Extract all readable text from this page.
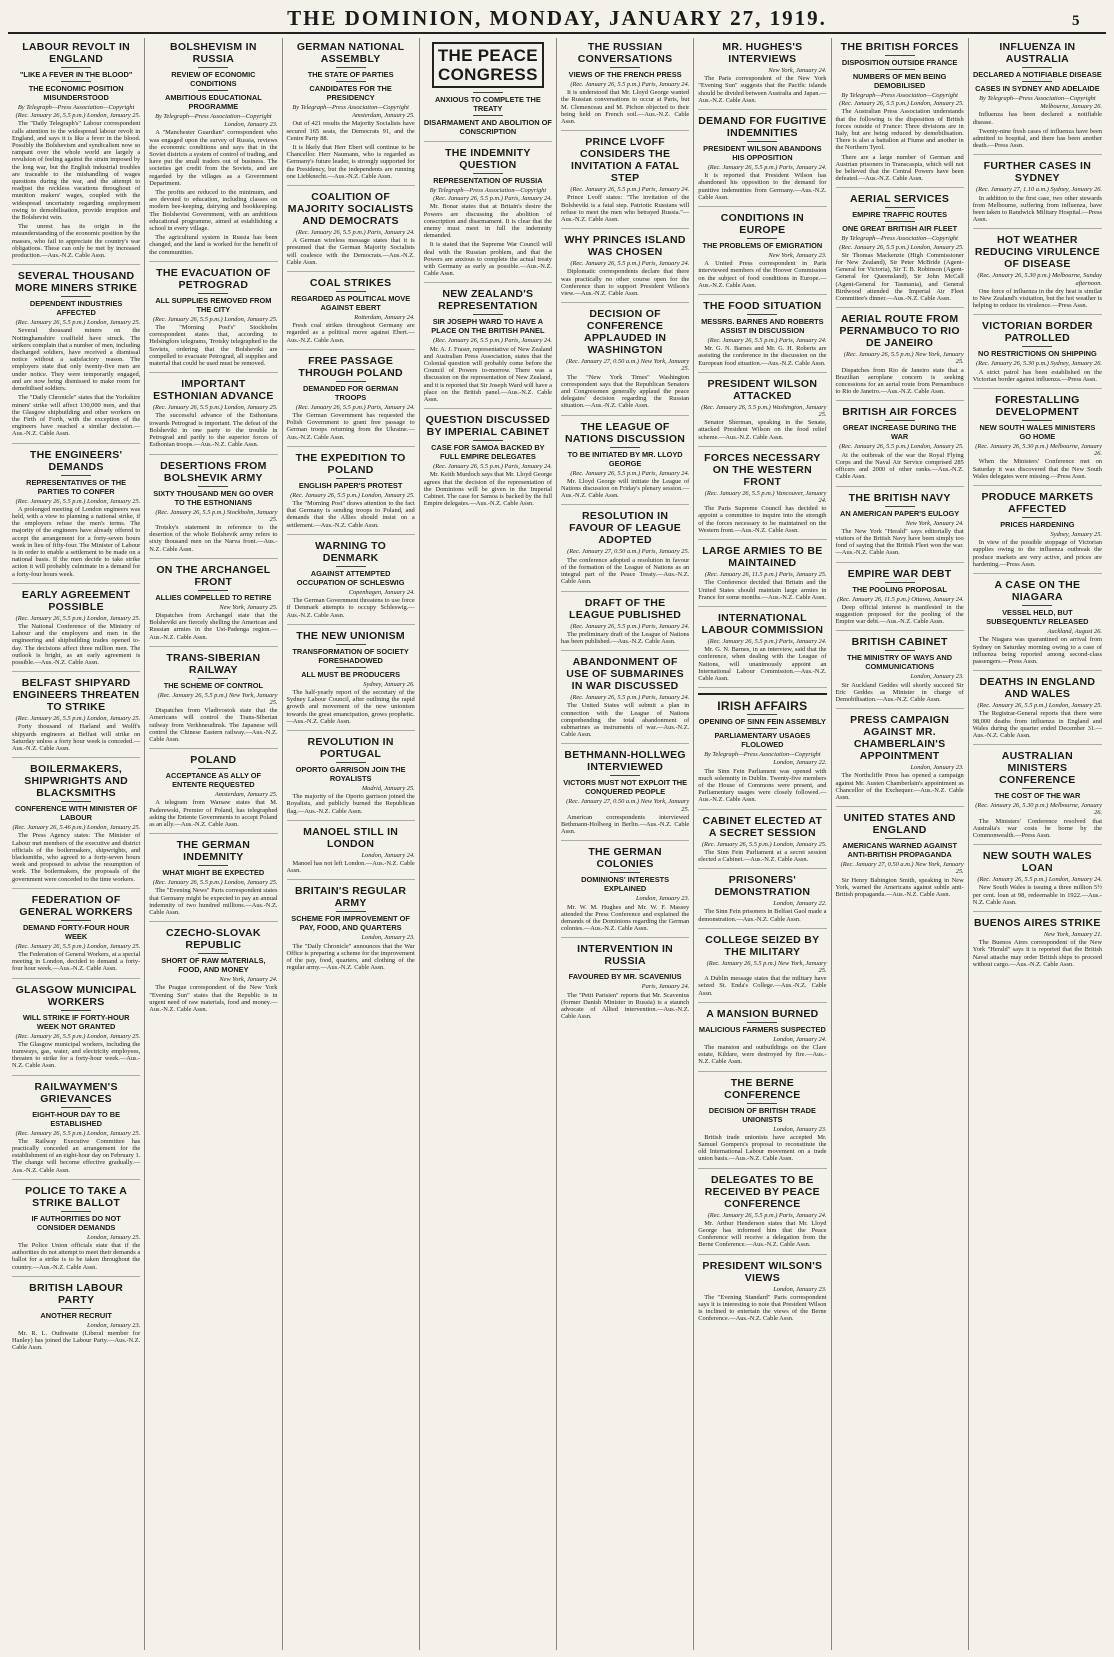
THE DOMINION, MONDAY, JANUARY 27, 1919.	5
LABOUR REVOLT IN ENGLAND
"LIKE A FEVER IN THE BLOOD"
THE ECONOMIC POSITION MISUNDERSTOOD
By Telegraph—Press Association—Copyright
(Rec. January 26, 5.5 p.m.) London, January 25.

The "Daily Telegraph's" Labour correspondent calls attention to the widespread labour revolt in England, and says it is like a fever in the blood. Possibly the Bolshevism and syndicalism now so rampant over the whole world are largely a revulsion of feeling against the strain imposed by the long war, but the English industrial troubles are traceable to the mishandling of wages questions during the war, and the attempt to readjust the reckless vacations throughout of munition makers' wages, coupled with the widespread uncertainty regarding employment owing to demobilisation, provide irruption and the Bolshevist vein.

The unrest has its origin in the misunderstanding of the economic position by the masses, who fail to appreciate the country's war obligations. These can only be met by increased production.—Aus.-N.Z. Cable Assn.

SEVERAL THOUSAND MORE MINERS STRIKE
DEPENDENT INDUSTRIES AFFECTED
(Rec. January 26, 5.5 p.m.) London, January 25.

Several thousand miners on the Nottinghamshire coalfield have struck. The strikers complain that a number of men, including discharged soldiers, have received a dismissal notice without a satisfactory reason. The employers state that only twenty-five men are under notice. They were temporarily engaged, and are now being dismissed to make room for demobilised soldiers.

The "Daily Chronicle" states that the Yorkshire miners' strike will affect 130,000 men, and that the Glasgow shipbuilding and other workers on the Firth of Forth, with the exception of the engineers have reached a similar decision.—Aus.-N.Z. Cable Assn.

THE ENGINEERS' DEMANDS
REPRESENTATIVES OF THE PARTIES TO CONFER
(Rec. January 26, 5.5 p.m.) London, January 25.

A prolonged meeting of London engineers was held, with a view to planning a national strike, if the employers refuse the men's terms. The majority of the engineers have already offered to accept the arrangement for a forty-seven hours week in lieu of fifty-four. The Minister of Labour is in order to enable a settlement to be made on a national basis. If the men decide to take strike action it will probably culminate in a demand for a forty-four hours week.

EARLY AGREEMENT POSSIBLE
(Rec. January 26, 5.5 p.m.) London, January 25.

The National Conference of the Ministry of Labour and the employers and men in the engineering and shipbuilding trades opened to-day. The decisions affect three million men. The outlook is bright, as an early agreement is possible.—Aus.-N.Z. Cable Assn.

BELFAST SHIPYARD ENGINEERS THREATEN TO STRIKE
(Rec. January 26, 5.5 p.m.) London, January 25.

Forty thousand of Harland and Wolff's shipyards engineers at Belfast will strike on Saturday unless a forty hour week is conceded.—Aus.-N.Z. Cable Assn.

BOILERMAKERS, SHIPWRIGHTS AND BLACKSMITHS
CONFERENCE WITH MINISTER OF LABOUR
(Rec. January 26, 5.46 p.m.) London, January 25.

The Press Agency states: The Minister of Labour met members of the executive and district officials of the boilermakers, shipwrights, and blacksmiths, who agreed to a forty-seven hours week and proposed to advise the resumption of work. The boilermakers, the proposals of the government were conceded to the time workers.

FEDERATION OF GENERAL WORKERS
DEMAND FORTY-FOUR HOUR WEEK
(Rec. January 26, 5.5 p.m.) London, January 25.

The Federation of General Workers, at a special meeting in London, decided to demand a forty-four hour week.—Aus.-N.Z. Cable Assn.

GLASGOW MUNICIPAL WORKERS
WILL STRIKE IF FORTY-HOUR WEEK NOT GRANTED
(Rec. January 26, 5.5 p.m.) London, January 25.

The Glasgow municipal workers, including the tramways, gas, water, and electricity employees, threaten to strike for a forty-hour week.—Aus.-N.Z. Cable Assn.

RAILWAYMEN'S GRIEVANCES
EIGHT-HOUR DAY TO BE ESTABLISHED
(Rec. January 26, 5.5 p.m.) London, January 25.

The Railway Executive Committee has practically conceded an arrangement for the establishment of an eight-hour day on February 1. The change will become effective gradually.—Aus.-N.Z. Cable Assn.

POLICE TO TAKE A STRIKE BALLOT
IF AUTHORITIES DO NOT CONSIDER DEMANDS
London, January 25.

The Police Union officials state that if the authorities do not attempt to meet their demands a ballot for a strike is to be taken throughout the country.—Aus.-N.Z. Cable Assn.

BRITISH LABOUR PARTY
ANOTHER RECRUIT
London, January 23.

Mr. R. L. Outhwaite (Liberal member for Hanley) has joined the Labour Party.—Aus.-N.Z. Cable Assn.

BOLSHEVISM IN RUSSIA
REVIEW OF ECONOMIC CONDITIONS
AMBITIOUS EDUCATIONAL PROGRAMME
By Telegraph—Press Association—Copyright
London, January 23.

A "Manchester Guardian" correspondent who was engaged upon the survey of Russia, reviews the economic conditions and says that in the Soviet districts a system of control of trading, and have put the small traders out of business. The societies get credit from the Soviets, and are regarded by the villages as a Government Department.

The profits are reduced to the minimum, and are devoted to education, including classes on modern bee-keeping, dairying and bookkeeping. The Bolshevist Government, with an ambitious educational programme, aimed at establishing a school in every village.

The agricultural system in Russia has been changed, and the land is worked for the benefit of the communities.

THE EVACUATION OF PETROGRAD
ALL SUPPLIES REMOVED FROM THE CITY
(Rec. January 26, 5.5 p.m.) London, January 25.

The "Morning Post's" Stockholm correspondent states that, according to Helsingfors telegrams, Trotsky telegraphed to the Soviets, ordering that the Bolsheviki are compelled to evacuate Petrograd, all supplies and material that could be used must be removed.

IMPORTANT ESTHONIAN ADVANCE
(Rec. January 26, 5.5 p.m.) London, January 25.

The successful advance of the Esthonians towards Petrograd is important. The defeat of the Bolsheviki in one party to the trouble in Petrograd and partly to the superior forces of Esthonian troops.—Aus.-N.Z. Cable Assn.

DESERTIONS FROM BOLSHEVIK ARMY
SIXTY THOUSAND MEN GO OVER TO THE ESTHONIANS
(Rec. January 26, 5.5 p.m.) Stockholm, January 25.

Trotsky's statement in reference to the desertion of the whole Bolshevik army refers to sixty thousand men on the Narva front.—Aus.-N.Z. Cable Assn.

ON THE ARCHANGEL FRONT
ALLIES COMPELLED TO RETIRE
New York, January 25.

Dispatches from Archangel state that the Bolsheviki are fiercely shelling the American and Russian armies in the Ust-Padenga region.—Aus.-N.Z. Cable Assn.

TRANS-SIBERIAN RAILWAY
THE SCHEME OF CONTROL
(Rec. January 26, 5.5 p.m.) New York, January 25.

Dispatches from Vladivostok state that the Americans will control the Trans-Siberian railway from Verkhneudinsk. The Japanese will control the Chinese Eastern railway.—Aus.-N.Z. Cable Assn.

POLAND
ACCEPTANCE AS ALLY OF ENTENTE REQUESTED
Amsterdam, January 25.

A telegram from Warsaw states that M. Paderewski, Premier of Poland, has telegraphed asking the Entente Governments to accept Poland as an ally.—Aus.-N.Z. Cable Assn.

THE GERMAN INDEMNITY
WHAT MIGHT BE EXPECTED
(Rec. January 26, 5.5 p.m.) London, January 25.

The "Evening News" Paris correspondent states that Germany might be expected to pay an annual indemnity of two hundred millions.—Aus.-N.Z. Cable Assn.

CZECHO-SLOVAK REPUBLIC
SHORT OF RAW MATERIALS, FOOD, AND MONEY
New York, January 24.

The Prague correspondent of the New York "Evening Sun" states that the Republic is in urgent need of raw materials, food and money.—Aus.-N.Z. Cable Assn.

GERMAN NATIONAL ASSEMBLY
THE STATE OF PARTIES
CANDIDATES FOR THE PRESIDENCY
By Telegraph—Press Association—Copyright
Amsterdam, January 25.

Out of 421 results the Majority Socialists have secured 165 seats, the Democrats 91, and the Centre Party 88.

It is likely that Herr Ebert will continue to be Chancellor. Herr Naumann, who is regarded as Germany's future leader, is strongly supported for the Presidency, but the independents are running one Liebknecht.—Aus.-N.Z. Cable Assn.

COALITION OF MAJORITY SOCIALISTS AND DEMOCRATS
(Rec. January 26, 5.5 p.m.) Paris, January 24.

A German wireless message states that it is presumed that the German Majority Socialists will coalesce with the Democrats.—Aus.-N.Z. Cable Assn.

COAL STRIKES
REGARDED AS POLITICAL MOVE AGAINST EBERT
Rotterdam, January 24.

Fresh coal strikes throughout Germany are regarded as a political move against Ebert.—Aus.-N.Z. Cable Assn.

FREE PASSAGE THROUGH POLAND
DEMANDED FOR GERMAN TROOPS
(Rec. January 26, 5.5 p.m.) Paris, January 24.

The German Government has requested the Polish Government to grant free passage to German troops returning from the Ukraine.—Aus.-N.Z. Cable Assn.

THE EXPEDITION TO POLAND
ENGLISH PAPER'S PROTEST
(Rec. January 26, 5.5 p.m.) London, January 25.

The "Morning Post" draws attention to the fact that Germany is sending troops to Poland, and demands that the Allies should insist on a settlement.—Aus.-N.Z. Cable Assn.

WARNING TO DENMARK
AGAINST ATTEMPTED OCCUPATION OF SCHLESWIG
Copenhagen, January 24.

The German Government threatens to use force if Denmark attempts to occupy Schleswig.—Aus.-N.Z. Cable Assn.

THE NEW UNIONISM
TRANSFORMATION OF SOCIETY FORESHADOWED
ALL MUST BE PRODUCERS
Sydney, January 26.

The half-yearly report of the secretary of the Sydney Labour Council, after outlining the rapid growth and movement of the new unionism towards the great emancipation, grows prophetic.—Aus.-N.Z. Cable Assn.

REVOLUTION IN PORTUGAL
OPORTO GARRISON JOIN THE ROYALISTS
Madrid, January 25.

The majority of the Oporto garrison joined the Royalists, and publicly burned the Republican flag.—Aus.-N.Z. Cable Assn.

MANOEL STILL IN LONDON
London, January 24.

Manoel has not left London.—Aus.-N.Z. Cable Assn.

BRITAIN'S REGULAR ARMY
SCHEME FOR IMPROVEMENT OF PAY, FOOD, AND QUARTERS
London, January 23.

The "Daily Chronicle" announces that the War Office is preparing a scheme for the improvement of the pay, food, quarters, and clothing of the regular army.—Aus.-N.Z. Cable Assn.

THE PEACE CONGRESS
ANXIOUS TO COMPLETE THE TREATY
DISARMAMENT AND ABOLITION OF CONSCRIPTION
THE INDEMNITY QUESTION
REPRESENTATION OF RUSSIA
By Telegraph—Press Association—Copyright
(Rec. January 26, 5.5 p.m.) Paris, January 24.

Mr. Bonar states that at Britain's desire the Powers are discussing the abolition of conscription and disarmament. It is clear that the enemy must meet in full the indemnity demanded.

It is stated that the Supreme War Council will deal with the Russian problem, and that the Powers are anxious to complete the actual treaty with Germany as early as possible.—Aus.-N.Z. Cable Assn.

NEW ZEALAND'S REPRESENTATION
SIR JOSEPH WARD TO HAVE A PLACE ON THE BRITISH PANEL
(Rec. January 26, 5.5 p.m.) Paris, January 24.

Mr. A. J. Fraser, representative of New Zealand and Australian Press Association, states that the Colonial question will probably come before the Council of Powers to-morrow. There was a discussion on the representation of New Zealand, and it is reported that Sir Joseph Ward will have a place on the British panel.—Aus.-N.Z. Cable Assn.

QUESTION DISCUSSED BY IMPERIAL CABINET
CASE FOR SAMOA BACKED BY FULL EMPIRE DELEGATES
(Rec. January 26, 5.5 p.m.) Paris, January 24.

Mr. Keith Murdoch says that Mr. Lloyd George agrees that the decision of the representation of the Dominions will be given in the Imperial Cabinet. The case for Samoa is backed by the full Empire delegates.—Aus.-N.Z. Cable Assn.

THE RUSSIAN CONVERSATIONS
VIEWS OF THE FRENCH PRESS
(Rec. January 26, 5.5 p.m.) Paris, January 24.

It is understood that Mr. Lloyd George wanted the Russian conversations to occur at Paris, but M. Clemenceau and M. Pichon objected to their being held on French soil.—Aus.-N.Z. Cable Assn.

PRINCE LVOFF CONSIDERS THE INVITATION A FATAL STEP
(Rec. January 26, 5.5 p.m.) Paris, January 24.

Prince Lvoff states: "The invitation of the Bolsheviki is a fatal step. Patriotic Russians will refuse to meet the men who betrayed Russia."—Aus.-N.Z. Cable Assn.

WHY PRINCES ISLAND WAS CHOSEN
(Rec. January 26, 5.5 p.m.) Paris, January 24.

Diplomatic correspondents declare that there was practically no other course open for the Conference than to support President Wilson's view.—Aus.-N.Z. Cable Assn.

DECISION OF CONFERENCE APPLAUDED IN WASHINGTON
(Rec. January 27, 0.50 a.m.) New York, January 25.

The "New York Times" Washington correspondent says that the Republican Senators and Congressmen generally applaud the peace delegates' decision regarding the Russian situation.—Aus.-N.Z. Cable Assn.

THE LEAGUE OF NATIONS DISCUSSION
TO BE INITIATED BY MR. LLOYD GEORGE
(Rec. January 26, 5.5 p.m.) Paris, January 24.

Mr. Lloyd George will initiate the League of Nations discussion on Friday's plenary session.—Aus.-N.Z. Cable Assn.

RESOLUTION IN FAVOUR OF LEAGUE ADOPTED
(Rec. January 27, 0.50 a.m.) Paris, January 25.

The conference adopted a resolution in favour of the formation of the League of Nations as an integral part of the Peace Treaty.—Aus.-N.Z. Cable Assn.

DRAFT OF THE LEAGUE PUBLISHED
(Rec. January 26, 5.5 p.m.) Paris, January 24.

The preliminary draft of the League of Nations has been published.—Aus.-N.Z. Cable Assn.

ABANDONMENT OF USE OF SUBMARINES IN WAR DISCUSSED
(Rec. January 26, 5.5 p.m.) Paris, January 24.

The United States will submit a plan in connection with the League of Nations comprehending the total abandonment of submarines as instruments of war.—Aus.-N.Z. Cable Assn.

BETHMANN-HOLLWEG INTERVIEWED
VICTORS MUST NOT EXPLOIT THE CONQUERED PEOPLE
(Rec. January 27, 0.50 a.m.) New York, January 25.

American correspondents interviewed Bethmann-Hollweg in Berlin.—Aus.-N.Z. Cable Assn.

THE GERMAN COLONIES
DOMINIONS' INTERESTS EXPLAINED
London, January 23.

Mr. W. M. Hughes and Mr. W. F. Massey attended the Press Conference and explained the demands of the Dominions regarding the German colonies.—Aus.-N.Z. Cable Assn.

INTERVENTION IN RUSSIA
FAVOURED BY MR. SCAVENIUS
Paris, January 24.

The "Petit Parisien" reports that Mr. Scavenius (former Danish Minister in Russia) is a staunch advocate of Allied intervention.—Aus.-N.Z. Cable Assn.

MR. HUGHES'S INTERVIEWS
New York, January 24.

The Paris correspondent of the New York "Evening Sun" suggests that the Pacific islands should be divided between Australia and Japan.—Aus.-N.Z. Cable Assn.

DEMAND FOR FUGITIVE INDEMNITIES
PRESIDENT WILSON ABANDONS HIS OPPOSITION
(Rec. January 26, 5.5 p.m.) Paris, January 24.

It is reported that President Wilson has abandoned his opposition to the demand for punitive indemnities from Germany.—Aus.-N.Z. Cable Assn.

CONDITIONS IN EUROPE
THE PROBLEMS OF EMIGRATION
New York, January 23.

A United Press correspondent in Paris interviewed members of the Hoover Commission on the subject of food conditions in Europe.—Aus.-N.Z. Cable Assn.

THE FOOD SITUATION
MESSRS. BARNES AND ROBERTS ASSIST IN DISCUSSION
(Rec. January 26, 5.5 p.m.) Paris, January 24.

Mr. G. N. Barnes and Mr. G. H. Roberts are assisting the conference in the discussion on the European food situation.—Aus.-N.Z. Cable Assn.

PRESIDENT WILSON ATTACKED
(Rec. January 26, 5.5 p.m.) Washington, January 25.

Senator Sherman, speaking in the Senate, attacked President Wilson on the food relief scheme.—Aus.-N.Z. Cable Assn.

FORCES NECESSARY ON THE WESTERN FRONT
(Rec. January 26, 5.5 p.m.) Vancouver, January 24.

The Paris Supreme Council has decided to appoint a committee to inquire into the strength of the forces necessary to be maintained on the Western front.—Aus.-N.Z. Cable Assn.

LARGE ARMIES TO BE MAINTAINED
(Rec. January 26, 11.5 p.m.) Paris, January 25.

The Conference decided that Britain and the United States should maintain large armies in France for some months.—Aus.-N.Z. Cable Assn.

INTERNATIONAL LABOUR COMMISSION
(Rec. January 26, 5.5 p.m.) Paris, January 24.

Mr. G. N. Barnes, in an interview, said that the conference, when dealing with the League of Nations, will unanimously appoint an International Labour Commission.—Aus.-N.Z. Cable Assn.

IRISH AFFAIRS
OPENING OF SINN FEIN ASSEMBLY
PARLIAMENTARY USAGES FLOLOWED
By Telegraph—Press Association—Copyright
London, January 22.

The Sinn Fein Parliament was opened with much solemnity in Dublin. Twenty-five members of the House of Commons were present, and Parliamentary usages were closely followed.—Aus.-N.Z. Cable Assn.

CABINET ELECTED AT A SECRET SESSION
(Rec. January 26, 5.5 p.m.) London, January 25.

The Sinn Fein Parliament at a secret session elected a Cabinet.—Aus.-N.Z. Cable Assn.

PRISONERS' DEMONSTRATION
London, January 22.

The Sinn Fein prisoners in Belfast Gaol made a demonstration.—Aus.-N.Z. Cable Assn.

COLLEGE SEIZED BY THE MILITARY
(Rec. January 26, 5.5 p.m.) New York, January 25.

A Dublin message states that the military have seized St. Enda's College.—Aus.-N.Z. Cable Assn.

A MANSION BURNED
MALICIOUS FARMERS SUSPECTED
London, January 24.

The mansion and outbuildings on the Clare estate, Kildare, were destroyed by fire.—Aus.-N.Z. Cable Assn.

THE BERNE CONFERENCE
DECISION OF BRITISH TRADE UNIONISTS
London, January 23.

British trade unionists have accepted Mr. Samuel Gompers's proposal to reconstitute the old International Labour movement on a trade union basis.—Aus.-N.Z. Cable Assn.

DELEGATES TO BE RECEIVED BY PEACE CONFERENCE
(Rec. January 26, 5.5 p.m.) Paris, January 24.

Mr. Arthur Henderson states that Mr. Lloyd George has informed him that the Peace Conference will receive a delegation from the Berne Conference.—Aus.-N.Z. Cable Assn.

PRESIDENT WILSON'S VIEWS
London, January 23.

The "Evening Standard" Paris correspondent says it is interesting to note that President Wilson is inclined to entertain the views of the Berne Conference.—Aus.-N.Z. Cable Assn.

THE BRITISH FORCES
DISPOSITION OUTSIDE FRANCE
NUMBERS OF MEN BEING DEMOBILISED
By Telegraph—Press Association—Copyright
(Rec. January 26, 5.5 p.m.) London, January 25.

The Australian Press Association understands that the following is the disposition of British forces outside of France: Three divisions are in Italy, but are being reduced by demobilisation. There is also a battalion at Fiume and another in the Northern Tyrol.

There are a large number of German and Austrian prisoners in Transcaspia, which will not be believed that the Central Powers have been defeated.—Aus.-N.Z. Cable Assn.

AERIAL SERVICES
EMPIRE TRAFFIC ROUTES
ONE GREAT BRITISH AIR FLEET
By Telegraph—Press Association—Copyright
(Rec. January 26, 5.5 p.m.) London, January 25.

Sir Thomas Mackenzie (High Commissioner for New Zealand), Sir Peter McBride (Agent-General for Victoria), Sir T. B. Robinson (Agent-General for Queensland), Sir John McCall (Agent-General for Tasmania), and General Birdwood attended the Imperial Air Fleet Committee's dinner.—Aus.-N.Z. Cable Assn.

AERIAL ROUTE FROM PERNAMBUCO TO RIO DE JANEIRO
(Rec. January 26, 5.5 p.m.) New York, January 25.

Dispatches from Rio de Janeiro state that a Brazilian aeroplane concern is seeking concessions for an aerial route from Pernambuco to Rio de Janeiro.—Aus.-N.Z. Cable Assn.

BRITISH AIR FORCES
GREAT INCREASE DURING THE WAR
(Rec. January 26, 5.5 p.m.) London, January 25.

At the outbreak of the war the Royal Flying Corps and the Naval Air Service comprised 285 officers and 2000 of other ranks.—Aus.-N.Z. Cable Assn.

THE BRITISH NAVY
AN AMERICAN PAPER'S EULOGY
New York, January 24.

The New York "Herald" says editorially that visitors of the British Navy have been simply too fond of saying that the British Fleet won the war.—Aus.-N.Z. Cable Assn.

EMPIRE WAR DEBT
THE POOLING PROPOSAL
(Rec. January 26, 11.5 p.m.) Ottawa, January 24.

Deep official interest is manifested in the suggestion proposed for the pooling of the Empire war debt.—Aus.-N.Z. Cable Assn.

BRITISH CABINET
THE MINISTRY OF WAYS AND COMMUNICATIONS
London, January 23.

Sir Auckland Geddes will shortly succeed Sir Eric Geddes as Minister in charge of Demobilisation.—Aus.-N.Z. Cable Assn.

PRESS CAMPAIGN AGAINST MR. CHAMBERLAIN'S APPOINTMENT
London, January 23.

The Northcliffe Press has opened a campaign against Mr. Austen Chamberlain's appointment as Chancellor of the Exchequer.—Aus.-N.Z. Cable Assn.

UNITED STATES AND ENGLAND
AMERICANS WARNED AGAINST ANTI-BRITISH PROPAGANDA
(Rec. January 27, 0.50 a.m.) New York, January 25.

Sir Henry Babington Smith, speaking in New York, warned the Americans against subtle anti-British propaganda.—Aus.-N.Z. Cable Assn.

INFLUENZA IN AUSTRALIA
DECLARED A NOTIFIABLE DISEASE
CASES IN SYDNEY AND ADELAIDE
By Telegraph—Press Association—Copyright
Melbourne, January 26.

Influenza has been declared a notifiable disease.

Twenty-nine fresh cases of influenza have been admitted to hospital, and there has been another death.—Press Assn.

FURTHER CASES IN SYDNEY
(Rec. January 27, 1.10 a.m.) Sydney, January 26.

In addition to the first case, two other stewards from Melbourne, suffering from influenza, have been taken to Randwick Military Hospital.—Press Assn.

HOT WEATHER REDUCING VIRULENCE OF DISEASE
(Rec. January 26, 5.30 p.m.) Melbourne, Sunday afternoon.

One force of influenza in the dry heat is similar to New Zealand's visitation, but the hot weather is helping to reduce its virulence.—Press Assn.

VICTORIAN BORDER PATROLLED
NO RESTRICTIONS ON SHIPPING
(Rec. January 26, 5.30 p.m.) Sydney, January 26.

A strict patrol has been established on the Victorian border against influenza.—Press Assn.

FORESTALLING DEVELOPMENT
NEW SOUTH WALES MINISTERS GO HOME
(Rec. January 26, 5.30 p.m.) Melbourne, January 26.

When the Ministers' Conference met on Saturday it was discovered that the New South Wales delegates were missing.—Press Assn.

PRODUCE MARKETS AFFECTED
PRICES HARDENING
Sydney, January 25.

In view of the possible stoppage of Victorian supplies owing to the influenza outbreak the produce markets are very active, and prices are hardening.—Press Assn.

A CASE ON THE NIAGARA
VESSEL HELD, BUT SUBSEQUENTLY RELEASED
Auckland, August 26.

The Niagara was quarantined on arrival from Sydney on Saturday morning owing to a case of influenza being reported among second-class passengers.—Press Assn.

DEATHS IN ENGLAND AND WALES
(Rec. January 26, 5.5 p.m.) London, January 25.

The Registrar-General reports that there were 98,000 deaths from influenza in England and Wales during the quarter ended December 31.—Aus.-N.Z. Cable Assn.

AUSTRALIAN MINISTERS CONFERENCE
THE COST OF THE WAR
(Rec. January 26, 5.30 p.m.) Melbourne, January 26.

The Ministers' Conference resolved that Australia's war costs be borne by the Commonwealth.—Press Assn.

NEW SOUTH WALES LOAN
(Rec. January 26, 5.5 p.m.) London, January 24.

New South Wales is issuing a three million 5½ per cent. loan at 98, redeemable in 1922.—Aus.-N.Z. Cable Assn.

BUENOS AIRES STRIKE
New York, January 21.

The Buenos Aires correspondent of the New York "Herald" says it is reported that the British Naval attache may order British ships to proceed without cargo.—Aus.-N.Z. Cable Assn.
